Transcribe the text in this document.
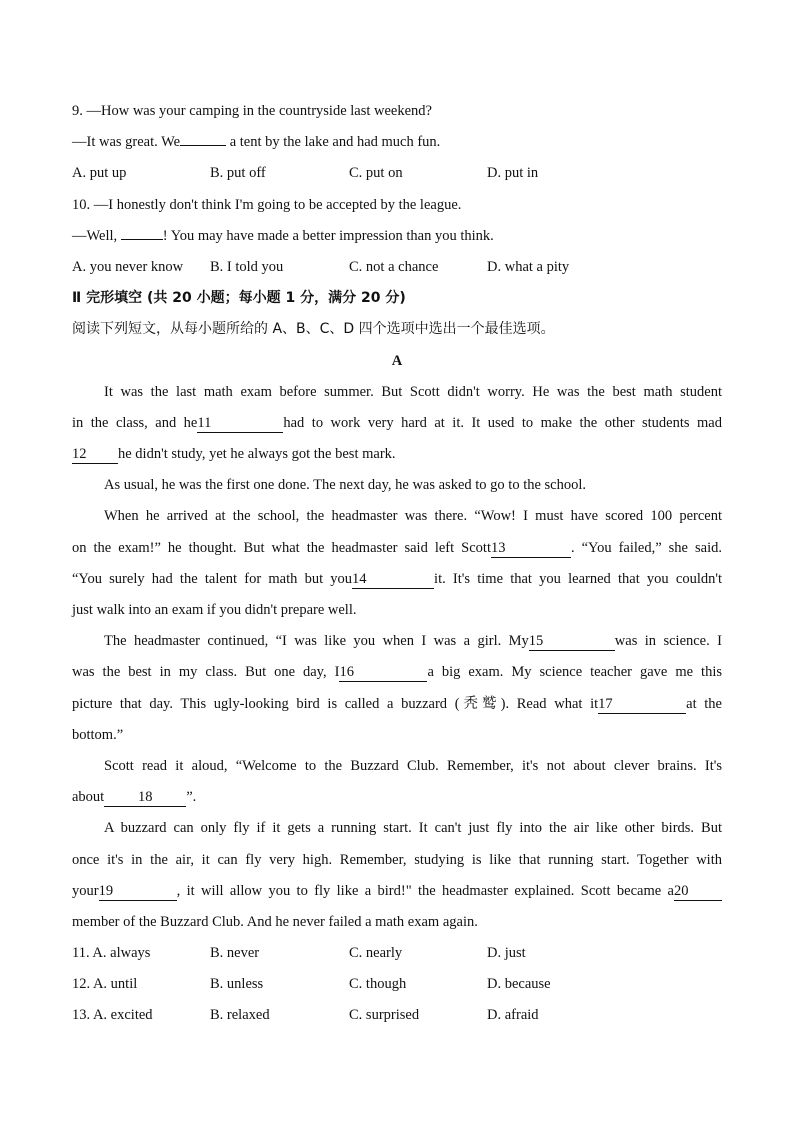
9. —How was your camping in the countryside last weekend?
—It was great. We	a tent by the lake and had much fun.
A. put up	B. put off	C. put on	D. put in
10. —I honestly don't think I'm going to be accepted by the league.
—Well,	! You may have made a better impression than you think.
A. you never know	B. I told you	C. not a chance	D. what a pity
Ⅱ 完形填空 (共 20 小题；每小题 1 分，满分 20 分)
阅读下列短文，从每小题所给的 A、B、C、D 四个选项中选出一个最佳选项。
A
It was the last math exam before summer. But Scott didn't worry. He was the best math student
in the class, and he11	had to work very hard at it. It used to make the other students mad
12 he didn't study, yet he always got the best mark.
As usual, he was the first one done. The next day, he was asked to go to the school.
When he arrived at the school, the headmaster was there. “Wow! I must have scored 100 percent
on the exam!” he thought. But what the headmaster said left Scott13	. “You failed,” she said.
“You surely had the talent for math but you14	it. It's time that you learned that you couldn't
just walk into an exam if you didn't prepare well.
The headmaster continued, “I was like you when I was a girl. My15	was in science. I
was the best in my class. But one day, I16	a big exam. My science teacher gave me this
picture that day. This ugly-looking bird is called a buzzard (秃鹫). Read what it17	at the
bottom.”
Scott read it aloud, “Welcome to the Buzzard Club. Remember, it's not about clever brains. It's
about 18 ”.
A buzzard can only fly if it gets a running start. It can't just fly into the air like other birds. But
once it's in the air, it can fly very high. Remember, studying is like that running start. Together with
your19	, it will allow you to fly like a bird!" the headmaster explained. Scott became a20
member of the Buzzard Club. And he never failed a math exam again.
11. A. always	B. never	C. nearly	D. just
12. A. until	B. unless	C. though	D. because
13. A. excited	B. relaxed	C. surprised	D. afraid
